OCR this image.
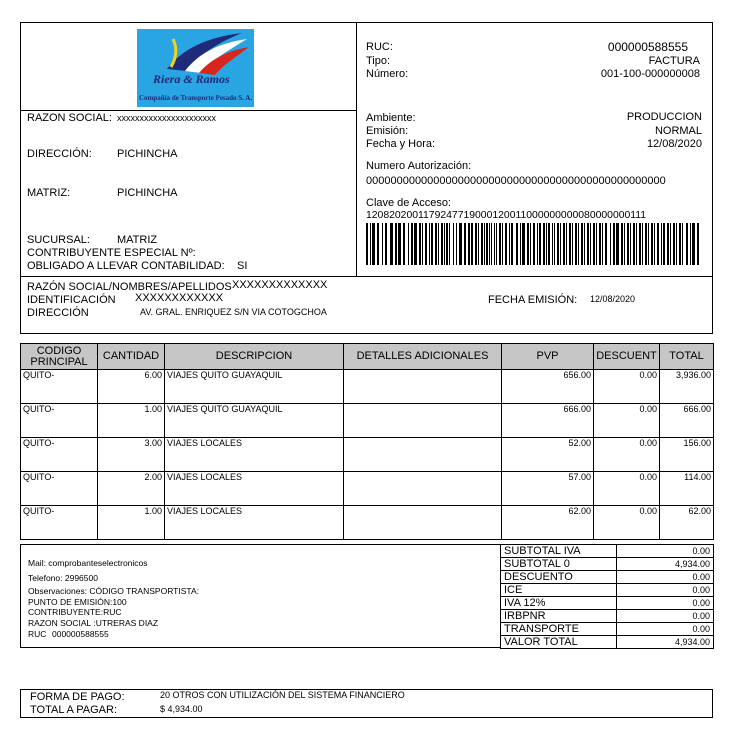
Riera & Ramos
Compañía de Transporte Pesado S. A.
RAZON SOCIAL: xxxxxxxxxxxxxxxxxxxxxx
DIRECCIÓN: PICHINCHA
MATRIZ:	PICHINCHA
SUCURSAL: MATRIZ
CONTRIBUYENTE ESPECIAL Nº:
OBLIGADO A LLEVAR CONTABILIDAD: SI
RUC:	000000588555
Tipo:	FACTURA
Número:	001-100-000000008
Ambiente:	PRODUCCION
Emisión:	NORMAL
Fecha y Hora:	12/08/2020
Numero Autorización:
0000000000000000000000000000000000000000000000000
Clave de Acceso:
1208202001179247719000120011000000000080000000111
RAZÓN SOCIAL/NOMBRES/APELLIDOS XXXXXXXXXXXXX
IDENTIFICACIÓN XXXXXXXXXXXX
DIRECCIÓN	AV. GRAL. ENRIQUEZ S/N VIA COTOGCHOA
FECHA EMISIÓN: 12/08/2020
CODIGO PRINCIPAL	CANTIDAD	DESCRIPCION	DETALLES ADICIONALES	PVP	DESCUENT	TOTAL
QUITO-	6.00	VIAJES QUITO GUAYAQUIL		656.00	0.00	3,936.00
QUITO-	1.00	VIAJES QUITO GUAYAQUIL		666.00	0.00	666.00
QUITO-	3.00	VIAJES LOCALES		52.00	0.00	156.00
QUITO-	2.00	VIAJES LOCALES		57.00	0.00	114.00
QUITO-	1.00	VIAJES LOCALES		62.00	0.00	62.00
Mail: comprobanteselectronicos
Telefono: 2996500
Observaciones: CÓDIGO TRANSPORTISTA:
PUNTO DE EMISIÓN:100
CONTRIBUYENTE:RUC
RAZON SOCIAL :UTRERAS DIAZ
RUC 000000588555
SUBTOTAL IVA	0.00
SUBTOTAL 0	4,934.00
DESCUENTO	0.00
ICE	0.00
IVA 12%	0.00
IRBPNR	0.00
TRANSPORTE	0.00
VALOR TOTAL	4,934.00
FORMA DE PAGO:	20 OTROS CON UTILIZACIÓN DEL SISTEMA FINANCIERO
TOTAL A PAGAR:	$ 4,934.00
